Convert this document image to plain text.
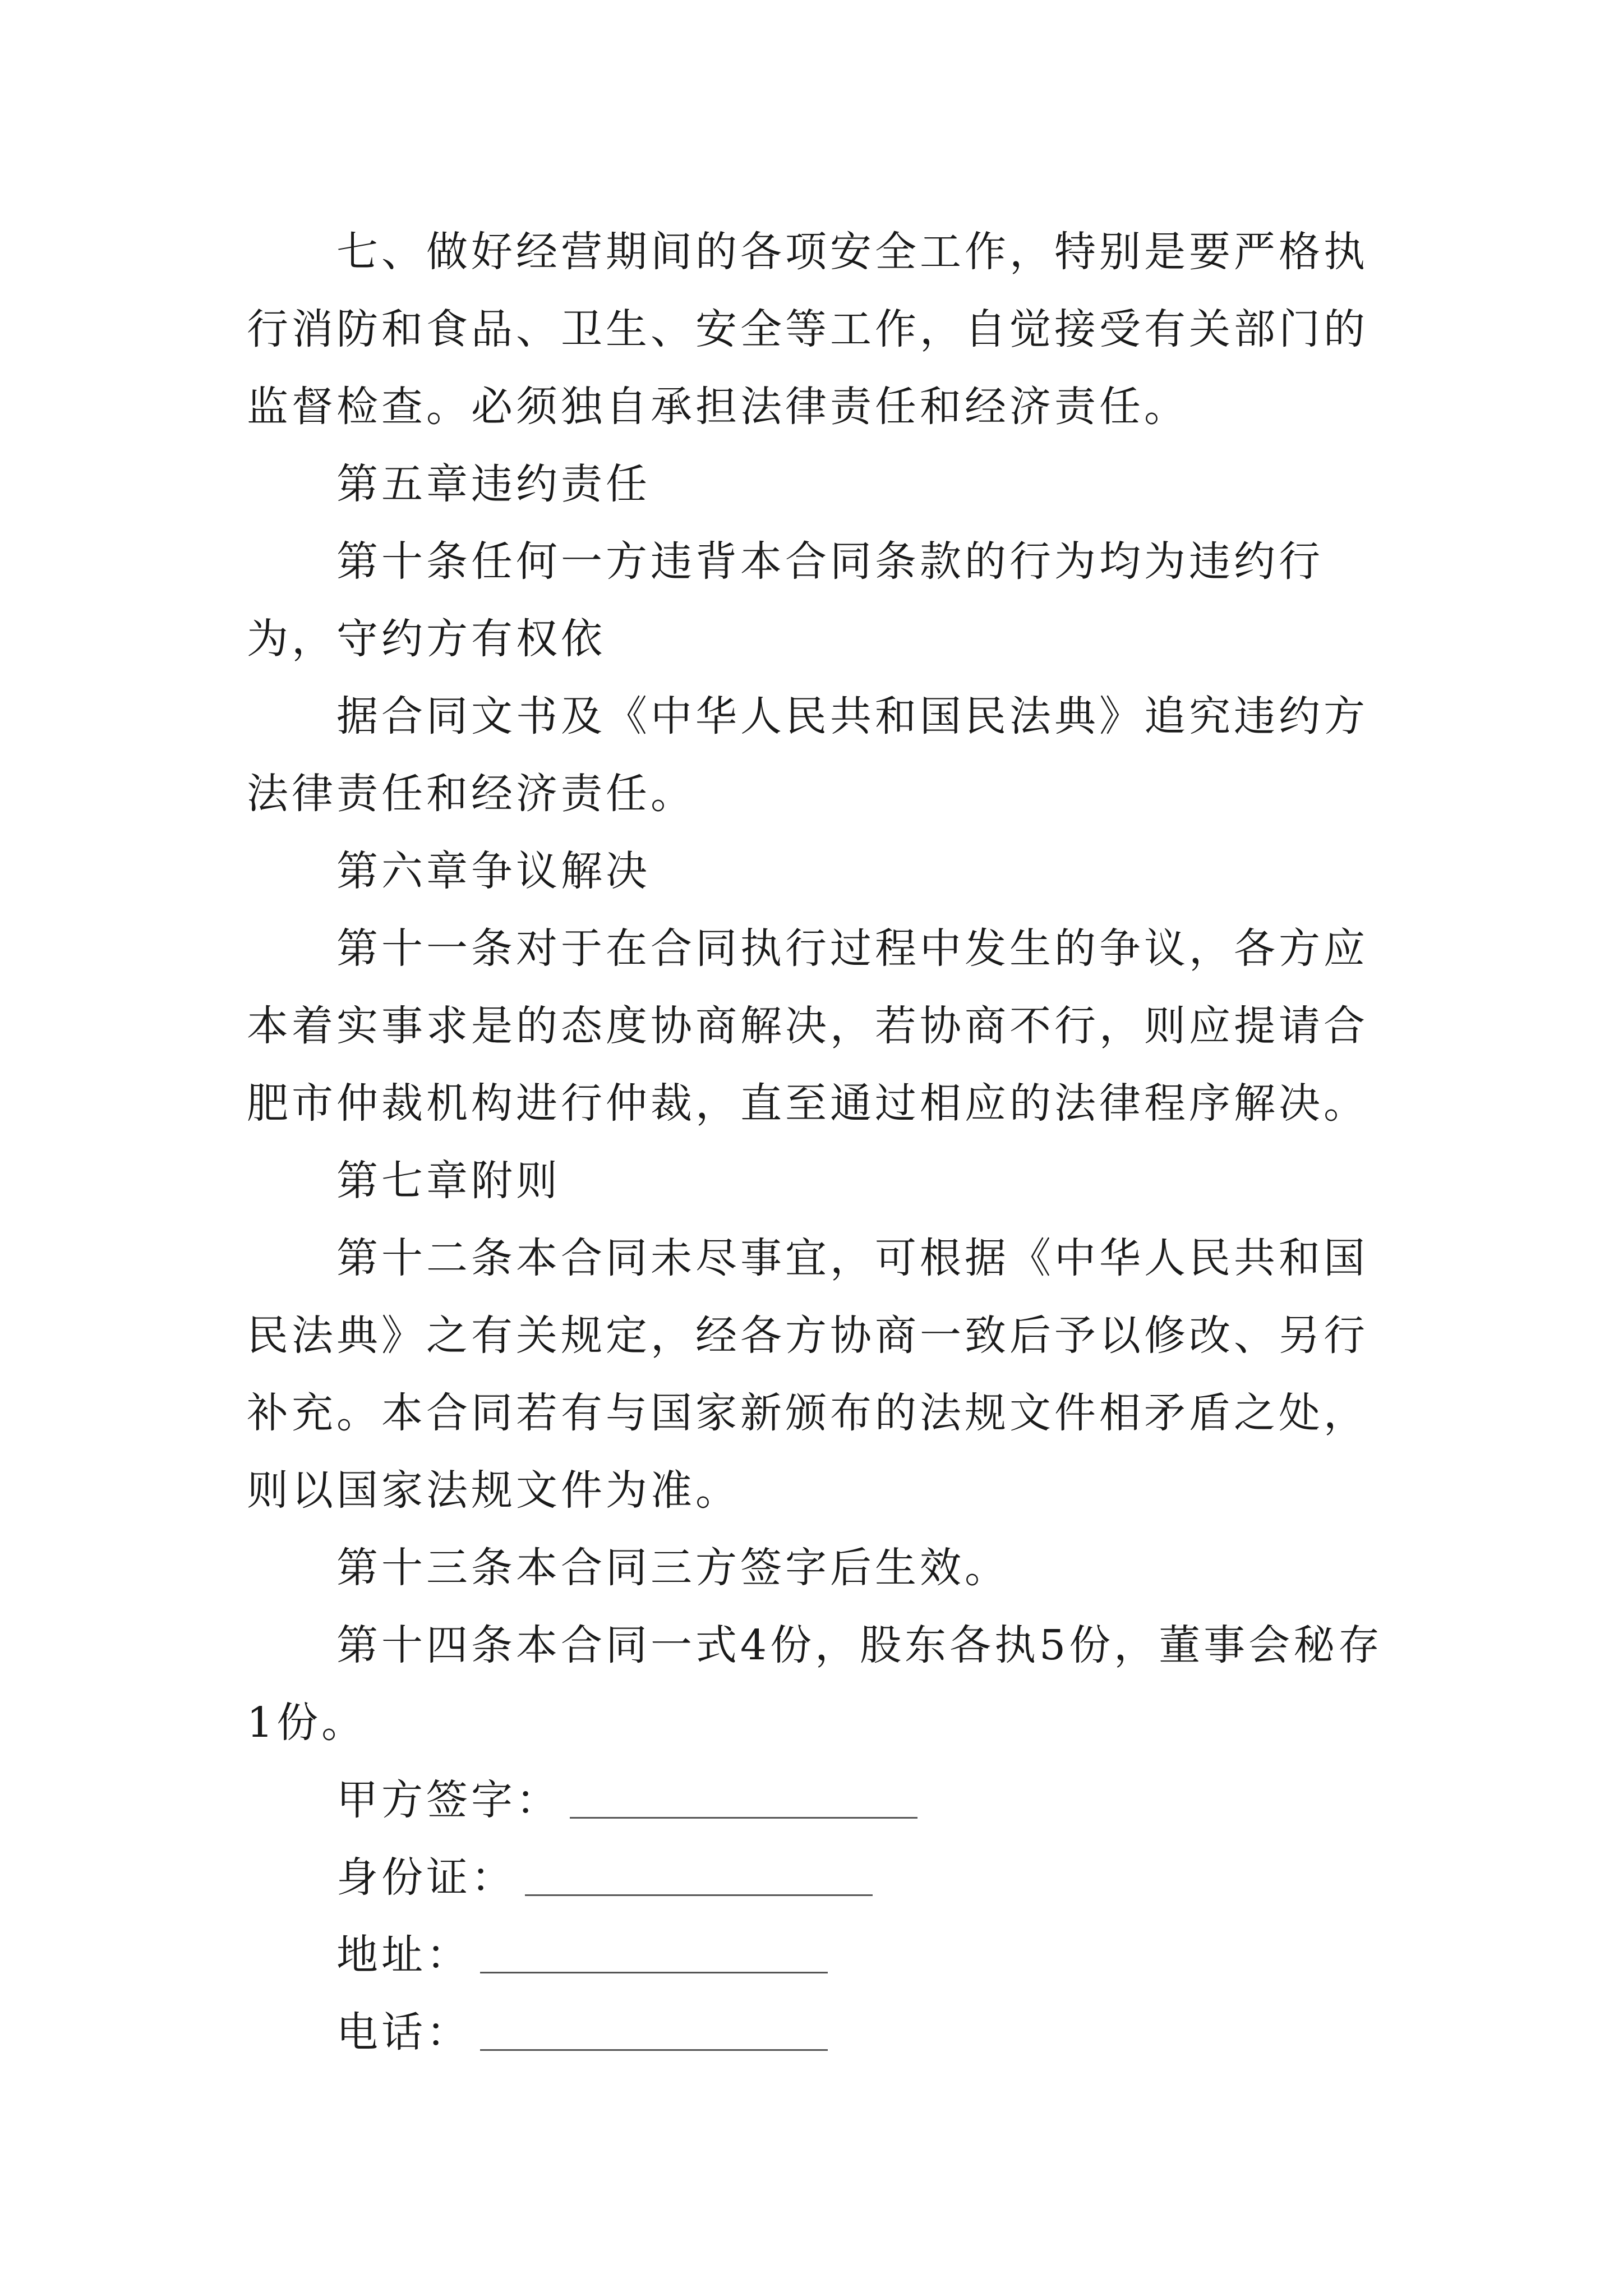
七、做好经营期间的各项安全工作，特别是要严格执行消防和食品、卫生、安全等工作，自觉接受有关部门的监督检查。必须独自承担法律责任和经济责任。

第五章违约责任

第十条任何一方违背本合同条款的行为均为违约行为，守约方有权依

据合同文书及《中华人民共和国民法典》追究违约方法律责任和经济责任。

第六章争议解决

第十一条对于在合同执行过程中发生的争议，各方应本着实事求是的态度协商解决，若协商不行，则应提请合肥市仲裁机构进行仲裁，直至通过相应的法律程序解决。

第七章附则

第十二条本合同未尽事宜，可根据《中华人民共和国民法典》之有关规定，经各方协商一致后予以修改、另行补充。本合同若有与国家新颁布的法规文件相矛盾之处，则以国家法规文件为准。

第十三条本合同三方签字后生效。

第十四条本合同一式4份，股东各执5份，董事会秘存1份。

甲方签字：
身份证：
地址：
电话：
